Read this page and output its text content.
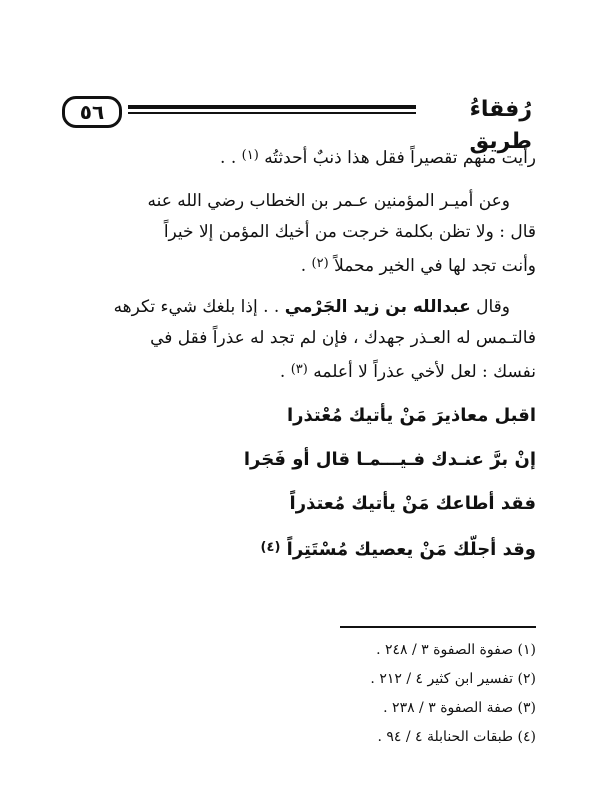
٥٦	رُفقاءُ طريق

رأيت منهم تقصيراً فقل هذا ذنبٌ أحدثتُه $^{(١)}$ . .

وعن أميـر المؤمنين عـمر بن الخطاب رضي الله عنه

قال : ولا تظن بكلمة خرجت من أخيك المؤمن إلا خيراً

وأنت تجد لها في الخير محملاً $^{(٢)}$ .

وقال عبدالله بن زيد الجَرْمي . . إذا بلغك شيء تكرهه

فالتـمس له العـذر جهدك ، فإن لم تجد له عذراً فقل في

نفسك : لعل لأخي عذراً لا أعلمه $^{(٣)}$ .

اقبل معاذيرَ مَنْ يأتيك مُعْتذرا

إنْ برَّ عنـدك فـيـــمـا قال أو فَجَرا

فقد أطاعك مَنْ يأتيك مُعتذراً

وقد أجلّك مَنْ يعصيك مُسْتَتِراً $^{(٤)}$

(١) صفوة الصفوة ٣ / ٢٤٨ .

(٢) تفسير ابن كثير ٤ / ٢١٢ .

(٣) صفة الصفوة ٣ / ٢٣٨ .

(٤) طبقات الحنابلة ٤ / ٩٤ .
